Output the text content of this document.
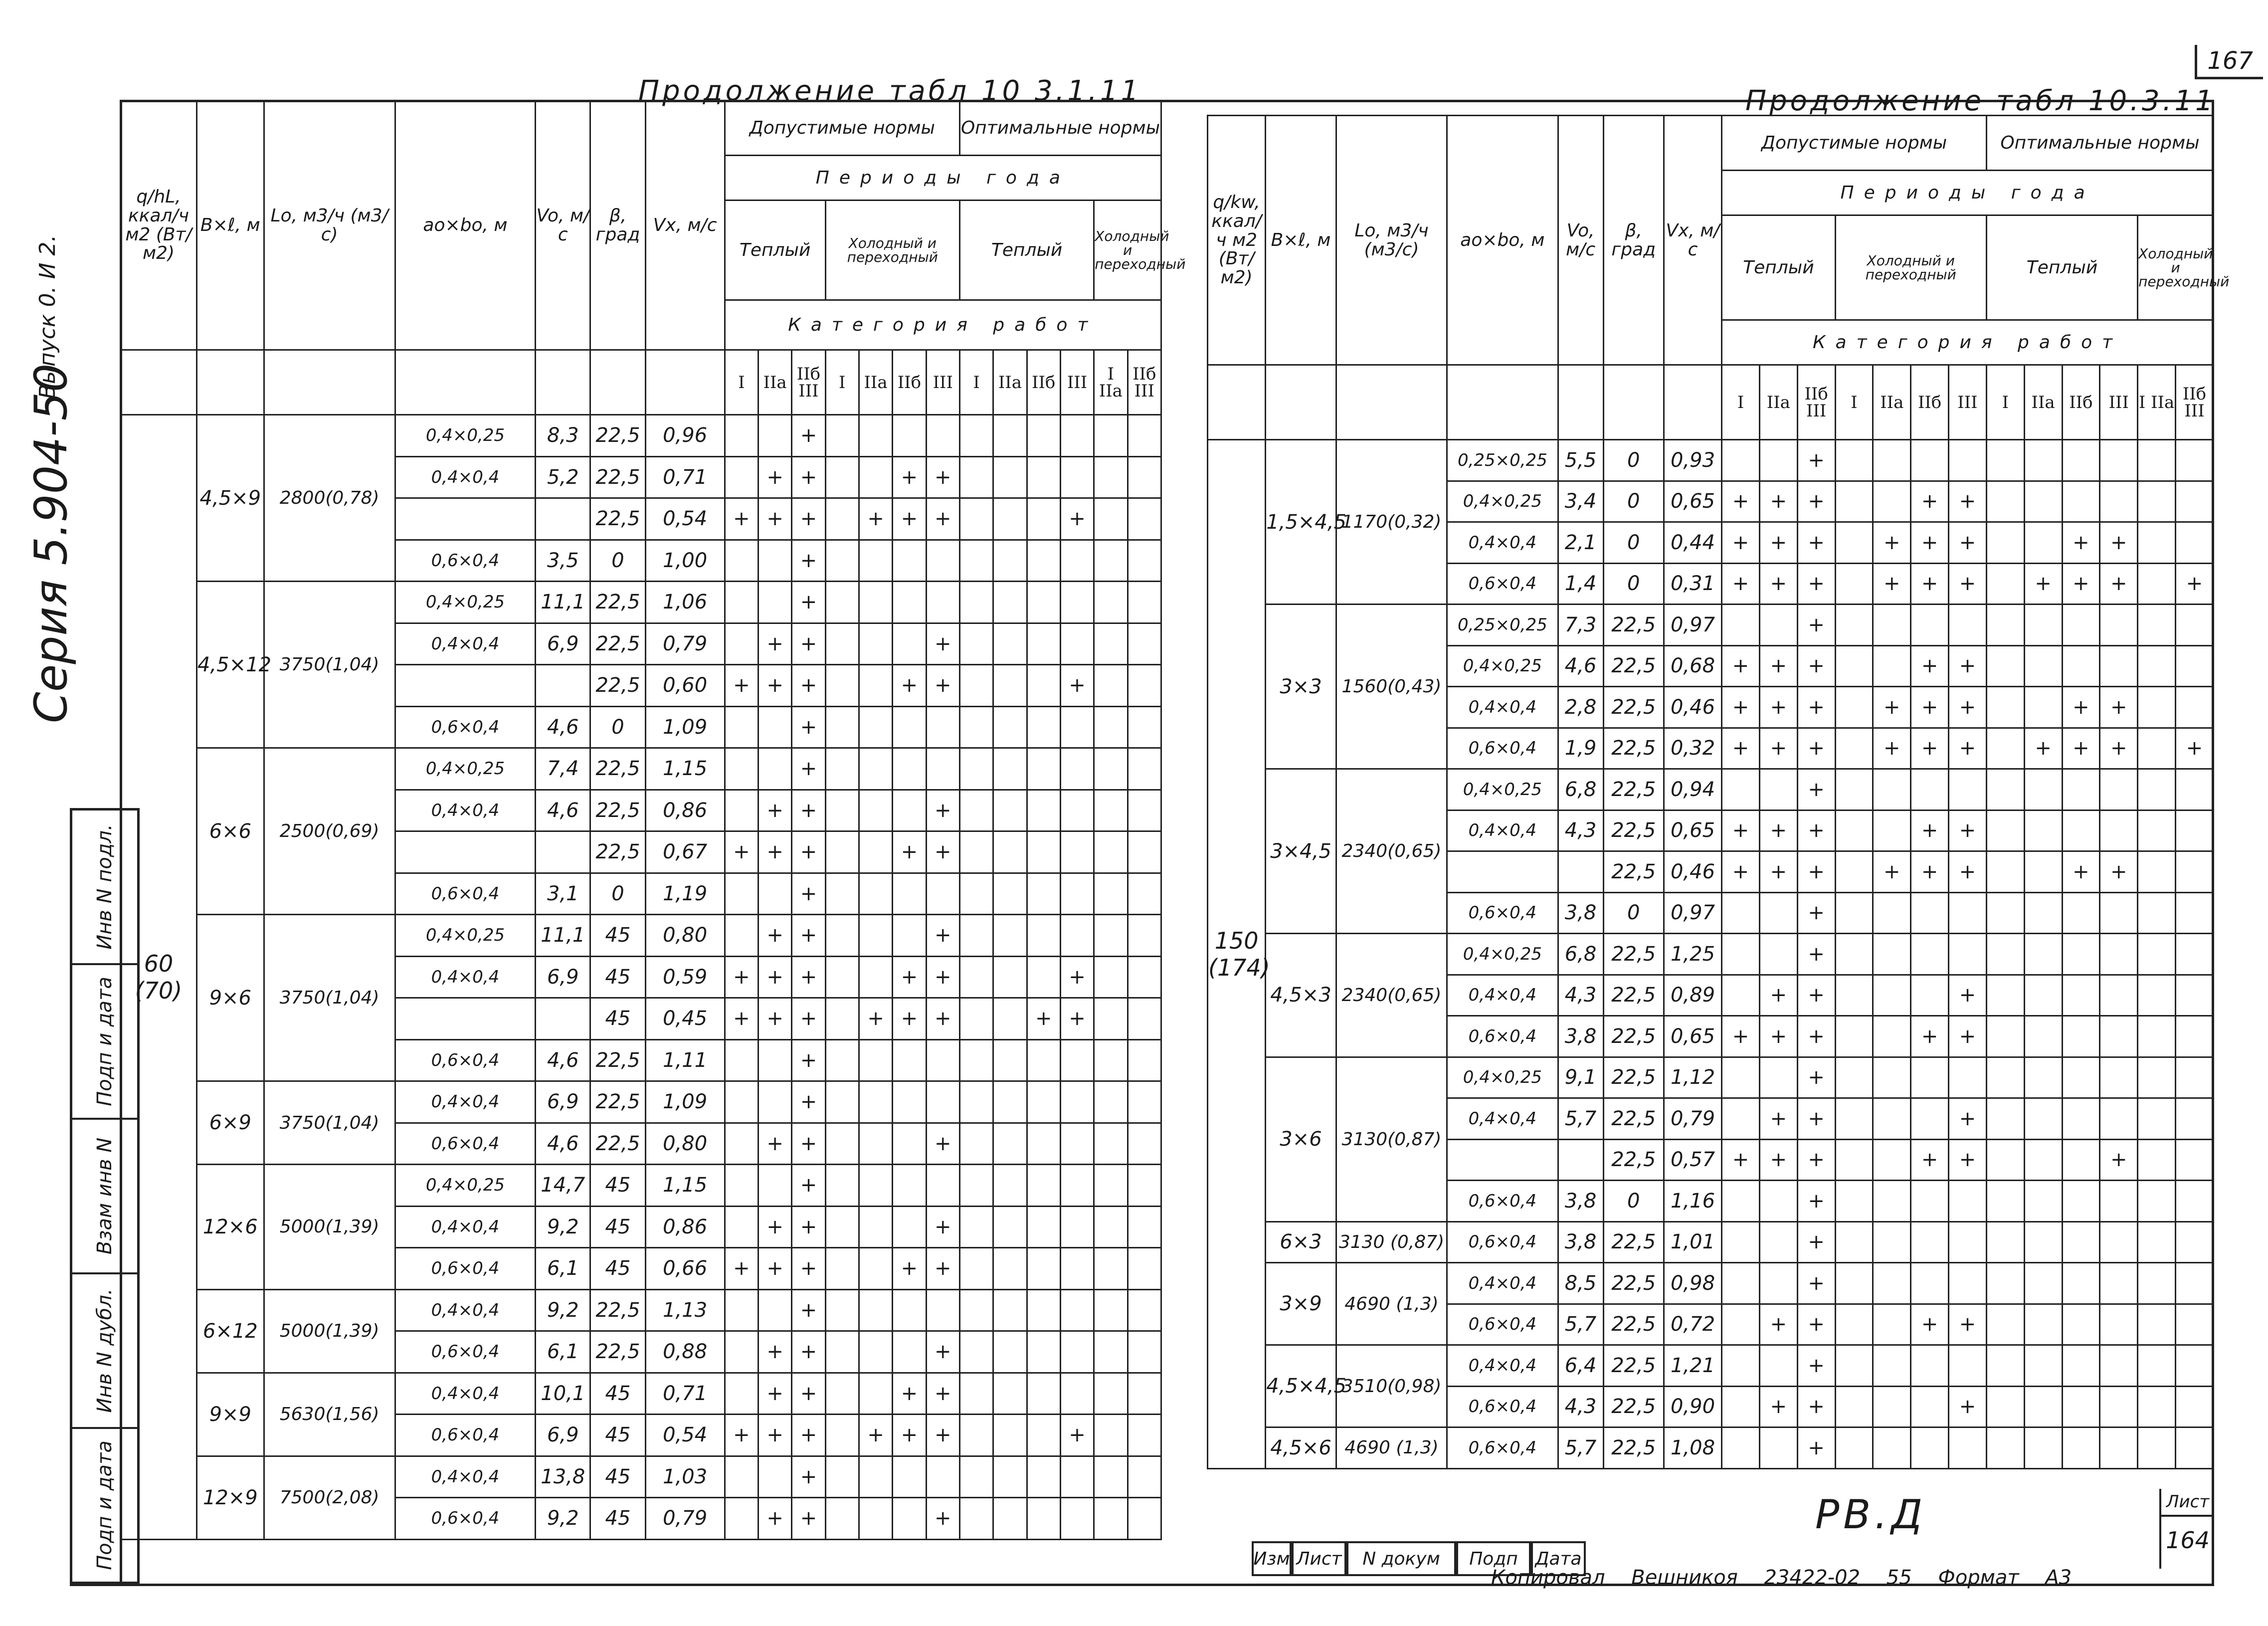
167
Серия 5.904-50
Выпуск 0. И 2.
Инв N подл.
Подп и дата
Взам инв N
Инв N дубл.
Подп и дата
Продолжение табл 10 3.1.11	Продолжение табл 10.3.11
q/hL, ккал/ч м2 (Вт/м2)	B×ℓ, м	Lo, м3/ч (м3/с)	ao×bo, м	Vo, м/с	β, град	Vx, м/с	Допустимые нормы							Оптимальные нормы					
							Периоды года												
							Теплый			Холодный и переходный				Теплый				Холодный и переходный	
							Категория работ												
							I	IIа	IIб III	I	IIа	IIб	III	I	IIа	IIб	III	I IIа	IIб III
60 (70)	4,5×9	2800(0,78)	0,4×0,25	8,3	22,5	0,96			+										
			0,4×0,4	5,2	22,5	0,71		+	+			+	+						
					22,5	0,54	+	+	+		+	+	+				+		
			0,6×0,4	3,5	0	1,00			+										
	4,5×12	3750(1,04)	0,4×0,25	11,1	22,5	1,06			+										
			0,4×0,4	6,9	22,5	0,79		+	+				+						
					22,5	0,60	+	+	+			+	+				+		
			0,6×0,4	4,6	0	1,09			+										
	6×6	2500(0,69)	0,4×0,25	7,4	22,5	1,15			+										
			0,4×0,4	4,6	22,5	0,86		+	+				+						
					22,5	0,67	+	+	+			+	+						
			0,6×0,4	3,1	0	1,19			+										
	9×6	3750(1,04)	0,4×0,25	11,1	45	0,80		+	+				+						
			0,4×0,4	6,9	45	0,59	+	+	+			+	+				+		
					45	0,45	+	+	+		+	+	+			+	+		
			0,6×0,4	4,6	22,5	1,11			+										
	6×9	3750(1,04)	0,4×0,4	6,9	22,5	1,09			+										
			0,6×0,4	4,6	22,5	0,80		+	+				+						
	12×6	5000(1,39)	0,4×0,25	14,7	45	1,15			+										
			0,4×0,4	9,2	45	0,86		+	+				+						
			0,6×0,4	6,1	45	0,66	+	+	+			+	+						
	6×12	5000(1,39)	0,4×0,4	9,2	22,5	1,13			+										
			0,6×0,4	6,1	22,5	0,88		+	+				+						
	9×9	5630(1,56)	0,4×0,4	10,1	45	0,71		+	+			+	+						
			0,6×0,4	6,9	45	0,54	+	+	+		+	+	+				+		
	12×9	7500(2,08)	0,4×0,4	13,8	45	1,03			+										
			0,6×0,4	9,2	45	0,79		+	+				+						
q/kw, ккал/ч м2 (Вт/м2)	B×ℓ, м	Lo, м3/ч (м3/с)	ao×bo, м	Vo, м/с	β, град	Vx, м/с	Допустимые нормы							Оптимальные нормы					
							Периоды года												
							Теплый			Холодный и переходный				Теплый				Холодный и переходный	
							Категория работ												
							I	IIа	IIб III	I	IIа	IIб	III	I	IIа	IIб	III	I IIа	IIб III
150 (174)	1,5×4,5	1170(0,32)	0,25×0,25	5,5	0	0,93			+										
			0,4×0,25	3,4	0	0,65	+	+	+			+	+						
			0,4×0,4	2,1	0	0,44	+	+	+		+	+	+			+	+		
			0,6×0,4	1,4	0	0,31	+	+	+		+	+	+		+	+	+		+
	3×3	1560(0,43)	0,25×0,25	7,3	22,5	0,97			+										
			0,4×0,25	4,6	22,5	0,68	+	+	+			+	+						
			0,4×0,4	2,8	22,5	0,46	+	+	+		+	+	+			+	+		
			0,6×0,4	1,9	22,5	0,32	+	+	+		+	+	+		+	+	+		+
	3×4,5	2340(0,65)	0,4×0,25	6,8	22,5	0,94			+										
			0,4×0,4	4,3	22,5	0,65	+	+	+			+	+						
					22,5	0,46	+	+	+		+	+	+			+	+		
			0,6×0,4	3,8	0	0,97			+										
	4,5×3	2340(0,65)	0,4×0,25	6,8	22,5	1,25			+										
			0,4×0,4	4,3	22,5	0,89		+	+				+						
			0,6×0,4	3,8	22,5	0,65	+	+	+			+	+						
	3×6	3130(0,87)	0,4×0,25	9,1	22,5	1,12			+										
			0,4×0,4	5,7	22,5	0,79		+	+				+						
					22,5	0,57	+	+	+			+	+				+		
			0,6×0,4	3,8	0	1,16			+										
	6×3	3130 (0,87)	0,6×0,4	3,8	22,5	1,01			+										
	3×9	4690 (1,3)	0,4×0,4	8,5	22,5	0,98			+										
			0,6×0,4	5,7	22,5	0,72		+	+			+	+						
	4,5×4,5	3510(0,98)	0,4×0,4	6,4	22,5	1,21			+										
			0,6×0,4	4,3	22,5	0,90		+	+				+						
	4,5×6	4690 (1,3)	0,6×0,4	5,7	22,5	1,08			+										
Изм Лист	N докум	Подп Дата
РВ.Д	Лист
164
Копировал Вешникоя 23422-02 55 Формат А3
